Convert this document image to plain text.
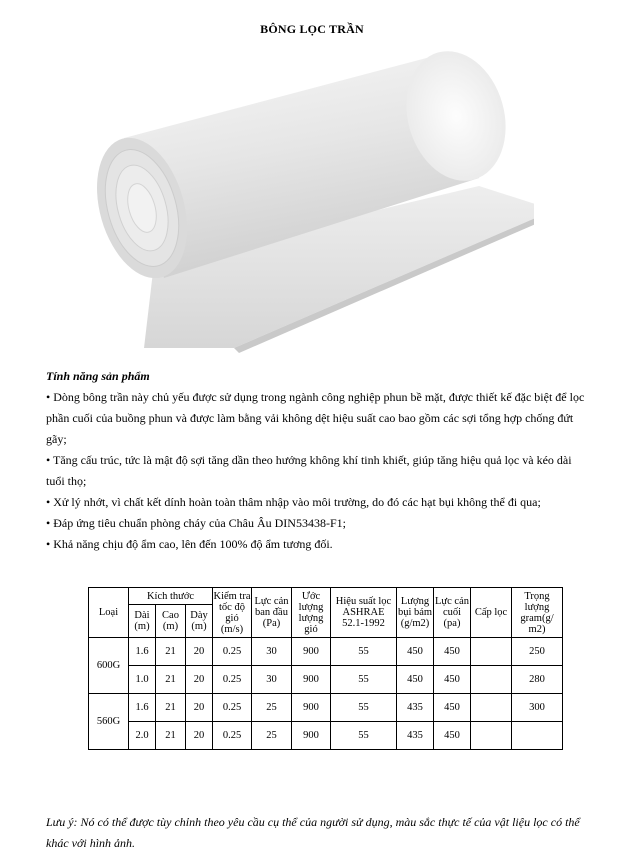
BÔNG LỌC TRẦN
Tính năng sản phẩm

• Dòng bông trần này chủ yếu được sử dụng trong ngành công nghiệp phun bề mặt, được thiết kế đặc biệt để lọc phần cuối của buồng phun và được làm bằng vải không dệt hiệu suất cao bao gồm các sợi tổng hợp chống đứt gãy;

• Tăng cấu trúc, tức là mật độ sợi tăng dần theo hướng không khí tinh khiết, giúp tăng hiệu quả lọc và kéo dài tuổi thọ;

• Xử lý nhớt, vì chất kết dính hoàn toàn thâm nhập vào môi trường, do đó các hạt bụi không thể đi qua;

• Đáp ứng tiêu chuẩn phòng cháy của Châu Âu DIN53438-F1;

• Khả năng chịu độ ẩm cao, lên đến 100% độ ẩm tương đối.

Loại	Kích thước			Kiểm tra tốc độ gió (m/s)	Lực cản ban đầu (Pa)	Ước lượng lượng gió	Hiệu suất lọc ASHRAE 52.1-1992	Lượng bụi bám (g/m2)	Lực cản cuối (pa)	Cấp lọc	Trọng lượng gram(g/ m2)
	Dài (m)	Cao (m)	Dày (m)								
600G	1.6	21	20	0.25	30	900	55	450	450		250
	1.0	21	20	0.25	30	900	55	450	450		280
560G	1.6	21	20	0.25	25	900	55	435	450		300
	2.0	21	20	0.25	25	900	55	435	450		
Lưu ý: Nó có thể được tùy chỉnh theo yêu cầu cụ thể của người sử dụng, màu sắc thực tế của vật liệu lọc có thể khác với hình ảnh.
